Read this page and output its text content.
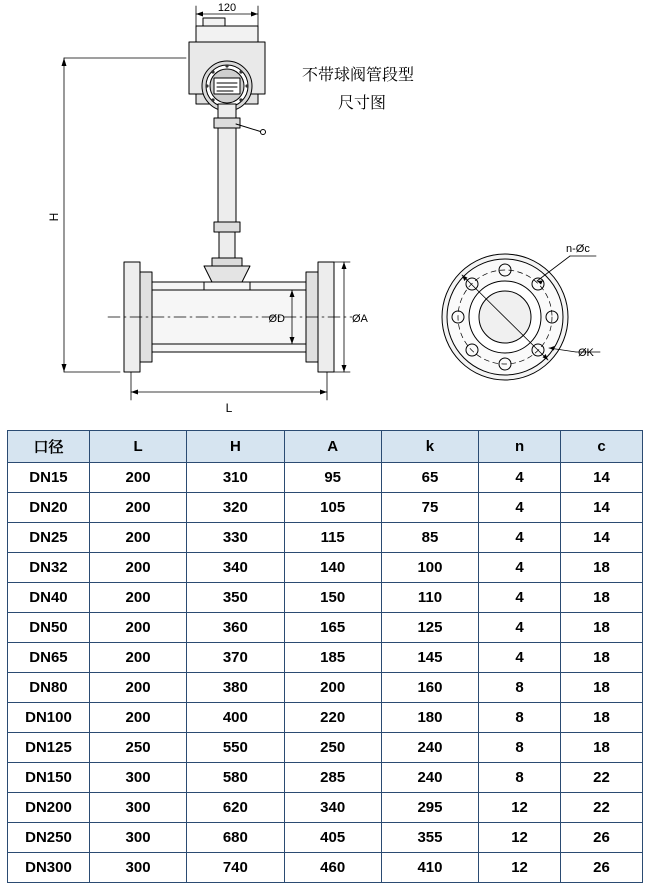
120
H
L
ØD	ØA
n-Øc
ØK
不带球阀管段型
尺寸图
口径	L	H	A	k	n	c
DN15	200	310	95	65	4	14
DN20	200	320	105	75	4	14
DN25	200	330	115	85	4	14
DN32	200	340	140	100	4	18
DN40	200	350	150	110	4	18
DN50	200	360	165	125	4	18
DN65	200	370	185	145	4	18
DN80	200	380	200	160	8	18
DN100	200	400	220	180	8	18
DN125	250	550	250	240	8	18
DN150	300	580	285	240	8	22
DN200	300	620	340	295	12	22
DN250	300	680	405	355	12	26
DN300	300	740	460	410	12	26
